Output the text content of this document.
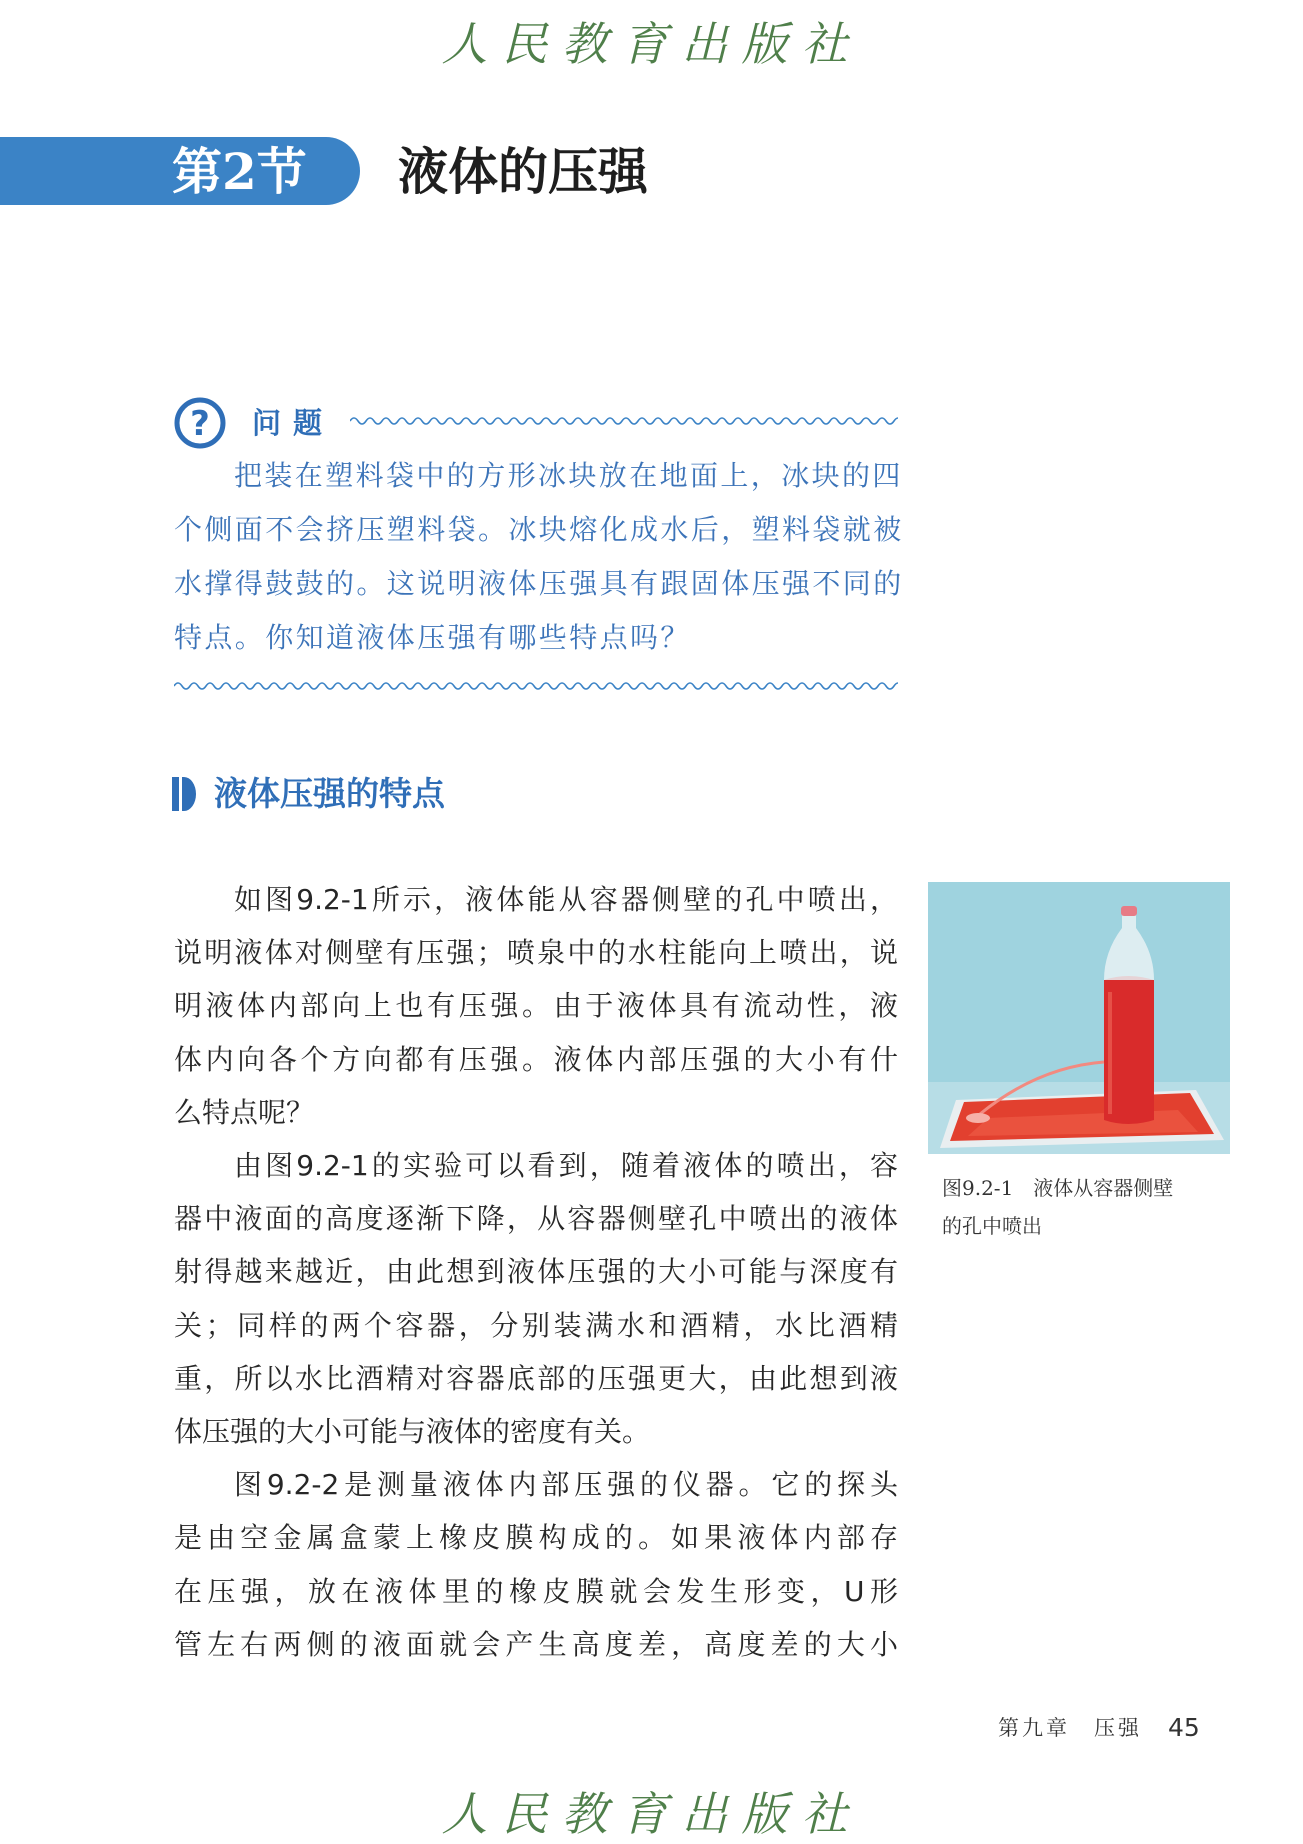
人民教育出版社
第2节 液体的压强
? 问题
把装在塑料袋中的方形冰块放在地面上，冰块的四
个侧面不会挤压塑料袋。冰块熔化成水后，塑料袋就被
水撑得鼓鼓的。这说明液体压强具有跟固体压强不同的
特点。你知道液体压强有哪些特点吗？
液体压强的特点
如图9.2-1所示，液体能从容器侧壁的孔中喷出，
说明液体对侧壁有压强；喷泉中的水柱能向上喷出，说
明液体内部向上也有压强。由于液体具有流动性，液
体内向各个方向都有压强。液体内部压强的大小有什
么特点呢？
由图9.2-1的实验可以看到，随着液体的喷出，容
器中液面的高度逐渐下降，从容器侧壁孔中喷出的液体
射得越来越近，由此想到液体压强的大小可能与深度有
关；同样的两个容器，分别装满水和酒精，水比酒精
重，所以水比酒精对容器底部的压强更大，由此想到液
体压强的大小可能与液体的密度有关。
图9.2-2是测量液体内部压强的仪器。它的探头
是由空金属盒蒙上橡皮膜构成的。如果液体内部存
在压强，放在液体里的橡皮膜就会发生形变，U形
管左右两侧的液面就会产生高度差，高度差的大小
图9.2-1　液体从容器侧壁
的孔中喷出
第九章　压强 45
人民教育出版社
